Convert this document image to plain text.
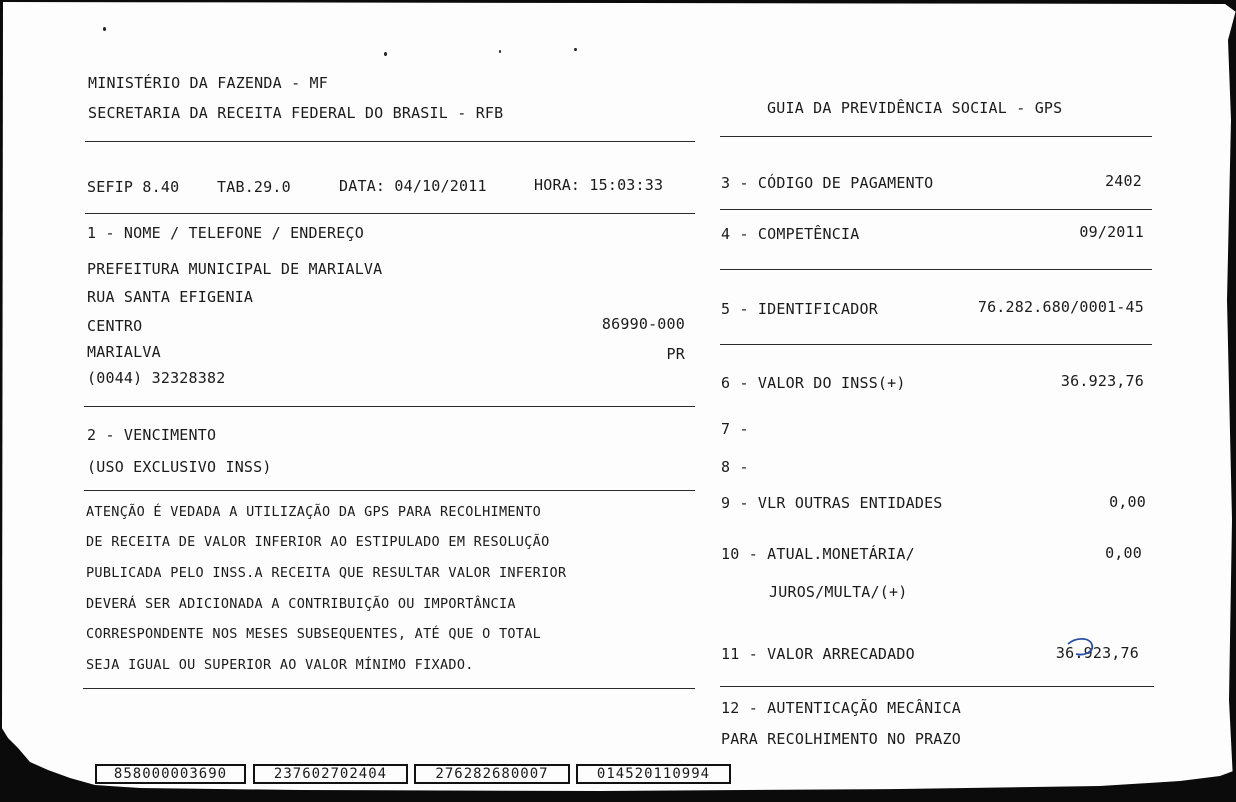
MINISTÉRIO DA FAZENDA - MF
SECRETARIA DA RECEITA FEDERAL DO BRASIL - RFB	GUIA DA PREVIDÊNCIA SOCIAL - GPS
SEFIP 8.40	TAB.29.0	DATA: 04/10/2011	HORA: 15:03:33
1 - NOME / TELEFONE / ENDEREÇO
PREFEITURA MUNICIPAL DE MARIALVA
RUA SANTA EFIGENIA
CENTRO	86990-000
MARIALVA	PR
(0044) 32328382
2 - VENCIMENTO
(USO EXCLUSIVO INSS)
ATENÇÃO É VEDADA A UTILIZAÇÃO DA GPS PARA RECOLHIMENTO
DE RECEITA DE VALOR INFERIOR AO ESTIPULADO EM RESOLUÇÃO
PUBLICADA PELO INSS.A RECEITA QUE RESULTAR VALOR INFERIOR
DEVERÁ SER ADICIONADA A CONTRIBUIÇÃO OU IMPORTÂNCIA
CORRESPONDENTE NOS MESES SUBSEQUENTES, ATÉ QUE O TOTAL
SEJA IGUAL OU SUPERIOR AO VALOR MÍNIMO FIXADO.
3 - CÓDIGO DE PAGAMENTO	2402
4 - COMPETÊNCIA	09/2011
5 - IDENTIFICADOR	76.282.680/0001-45
6 - VALOR DO INSS(+)	36.923,76
7 -
8 -
9 - VLR OUTRAS ENTIDADES	0,00
10 - ATUAL.MONETÁRIA/	0,00
JUROS/MULTA/(+)
11 - VALOR ARRECADADO	36.923,76
12 - AUTENTICAÇÃO MECÂNICA
PARA RECOLHIMENTO NO PRAZO
858000003690	237602702404	276282680007	014520110994
